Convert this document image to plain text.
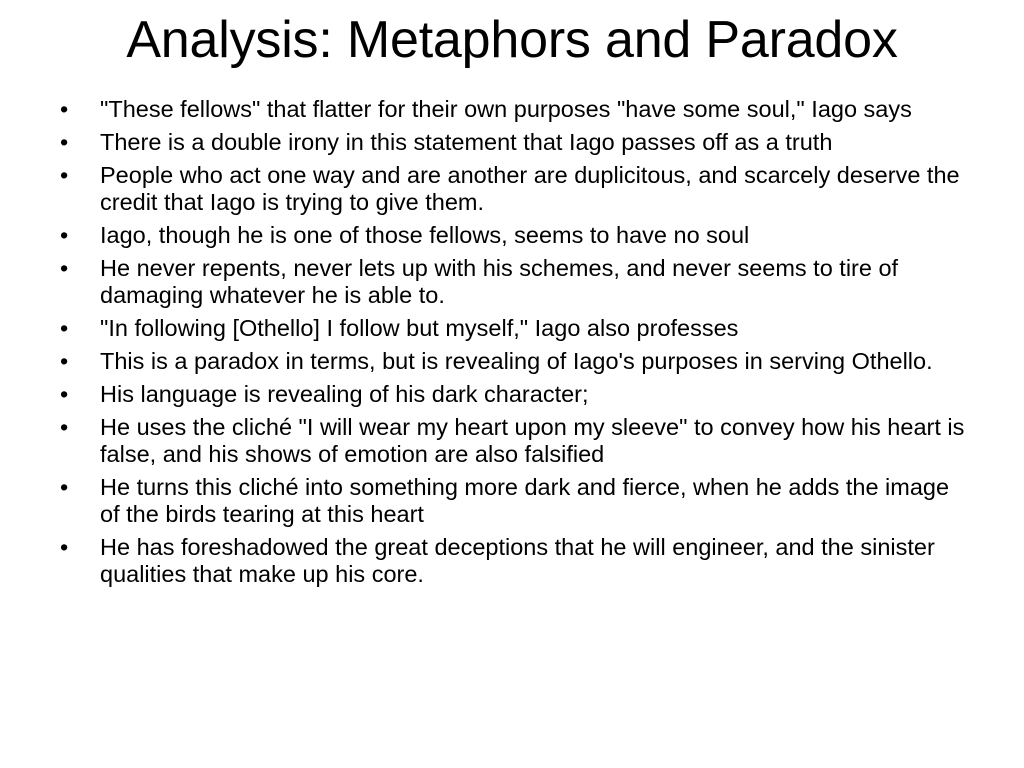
Analysis: Metaphors and Paradox
•	"These fellows" that flatter for their own purposes "have some soul," Iago says
•	There is a double irony in this statement that Iago passes off as a truth
•	People who act one way and are another are duplicitous, and scarcely deserve the credit that Iago is trying to give them.
•	Iago, though he is one of those fellows, seems to have no soul
•	He never repents, never lets up with his schemes, and never seems to tire of damaging whatever he is able to.
•	"In following [Othello] I follow but myself," Iago also professes
•	This is a paradox in terms, but is revealing of Iago's purposes in serving Othello.
•	His language is revealing of his dark character;
•	He uses the cliché "I will wear my heart upon my sleeve" to convey how his heart is false, and his shows of emotion are also falsified
•	He turns this cliché into something more dark and fierce, when he adds the image of the birds tearing at this heart
•	He has foreshadowed the great deceptions that he will engineer, and the sinister qualities that make up his core.
